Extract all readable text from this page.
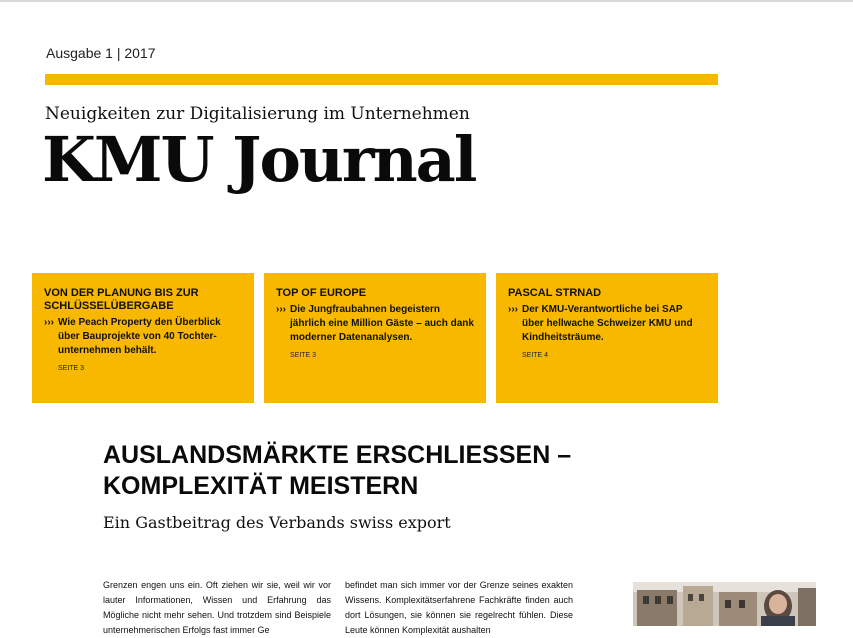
Ausgabe 1 | 2017
Neuigkeiten zur Digitalisierung im Unternehmen
KMU Journal
VON DER PLANUNG BIS ZUR SCHLÜSSELÜBERGABE
››› Wie Peach Property den Überblick über Bauprojekte von 40 Tochterunternehmen behält.
SEITE 3
TOP OF EUROPE
››› Die Jungfraubahnen begeistern jährlich eine Million Gäste – auch dank moderner Datenanalysen.
SEITE 3
PASCAL STRNAD
››› Der KMU-Verantwortliche bei SAP über hellwache Schweizer KMU und Kindheitsträume.
SEITE 4
AUSLANDSMÄRKTE ERSCHLIESSEN – KOMPLEXITÄT MEISTERN
Ein Gastbeitrag des Verbands swiss export
Grenzen engen uns ein. Oft ziehen wir sie, weil wir vor lauter Informationen, Wissen und Erfahrung das Mögliche nicht mehr sehen. Und trotzdem sind Beispiele unternehmerischen Erfolgs fast immer Ge
befindet man sich immer vor der Grenze seines exakten Wissens. Komplexitätserfahrene Fachkräfte finden auch dort Lösungen, sie können sie regelrecht fühlen. Diese Leute können Komplexität aushalten
